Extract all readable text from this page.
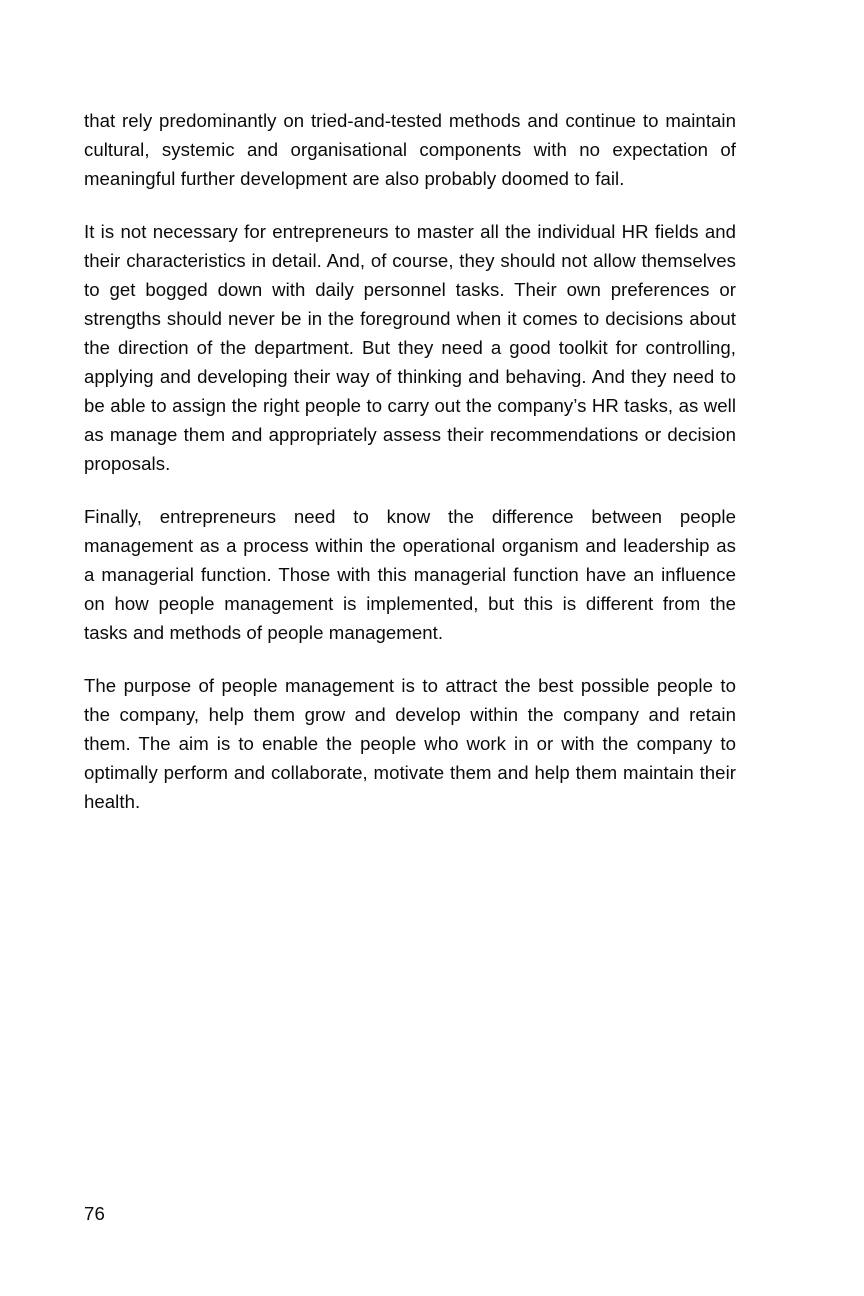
that rely predominantly on tried-and-tested methods and continue to maintain cultural, systemic and organisational components with no expectation of meaningful further development are also probably doomed to fail.

It is not necessary for entrepreneurs to master all the individual HR fields and their characteristics in detail. And, of course, they should not allow themselves to get bogged down with daily personnel tasks. Their own preferences or strengths should never be in the foreground when it comes to decisions about the direction of the department. But they need a good toolkit for controlling, applying and developing their way of thinking and behaving. And they need to be able to assign the right people to carry out the company’s HR tasks, as well as manage them and appropriately assess their recommendations or decision proposals.

Finally, entrepreneurs need to know the difference between people management as a process within the operational organism and leadership as a managerial function. Those with this managerial function have an influence on how people management is implemented, but this is different from the tasks and methods of people management.

The purpose of people management is to attract the best possible people to the company, help them grow and develop within the company and retain them. The aim is to enable the people who work in or with the company to optimally perform and collaborate, motivate them and help them maintain their health.

76
